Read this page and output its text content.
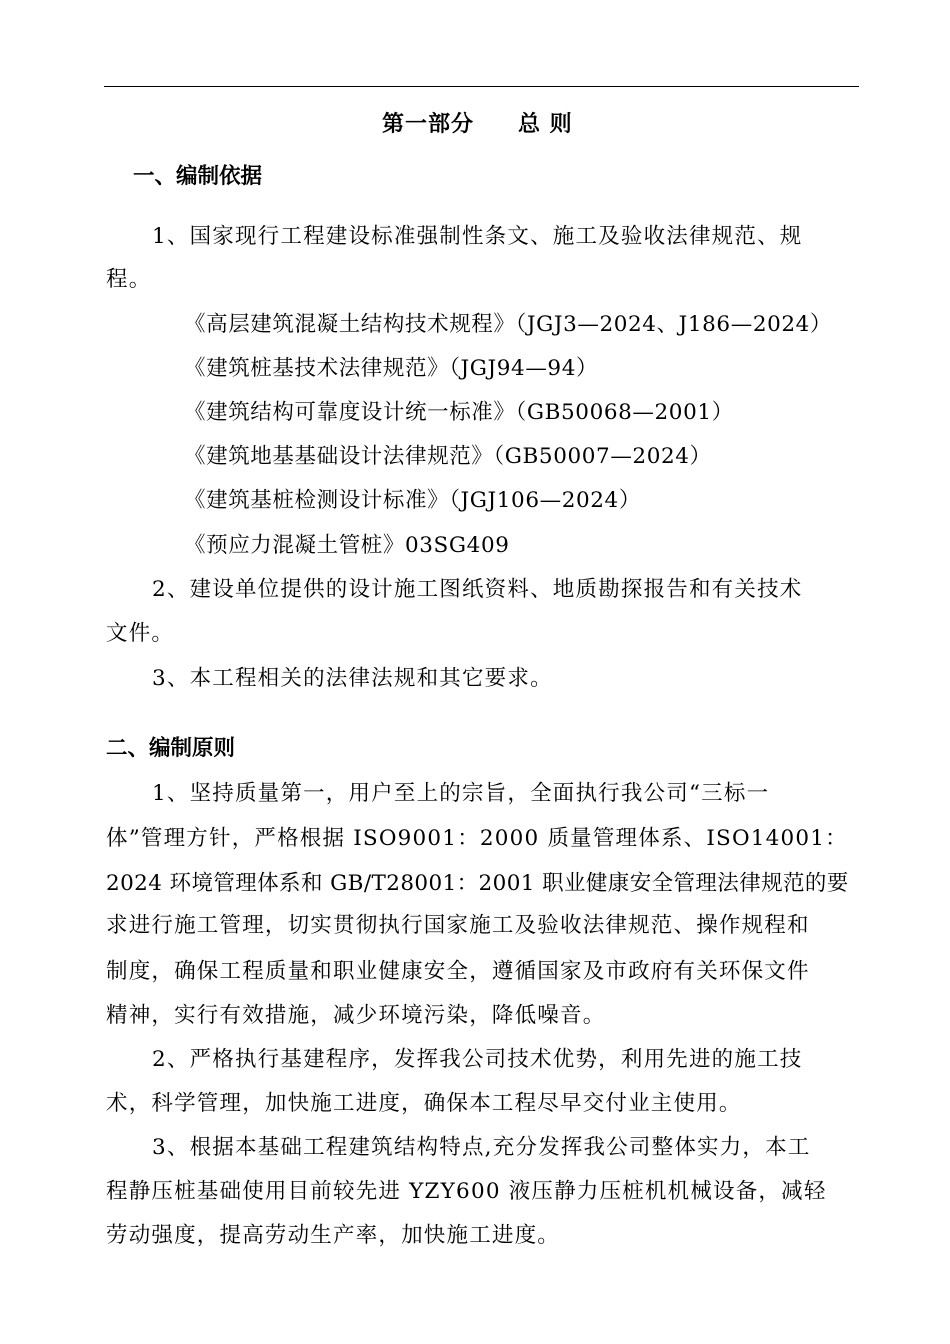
第一部分 总 则
一、编制依据
1、国家现行工程建设标准强制性条文、施工及验收法律规范、规
程。
《高层建筑混凝土结构技术规程》（JGJ3—2024、J186—2024）
《建筑桩基技术法律规范》（JGJ94—94）
《建筑结构可靠度设计统一标准》（GB50068—2001）
《建筑地基基础设计法律规范》（GB50007—2024）
《建筑基桩检测设计标准》（JGJ106—2024）
《预应力混凝土管桩》03SG409
2、建设单位提供的设计施工图纸资料、地质勘探报告和有关技术
文件。
3、本工程相关的法律法规和其它要求。
二、编制原则
1、坚持质量第一，用户至上的宗旨，全面执行我公司“三标一
体”管理方针，严格根据 ISO9001：2000 质量管理体系、ISO14001：
2024 环境管理体系和 GB/T28001：2001 职业健康安全管理法律规范的要
求进行施工管理，切实贯彻执行国家施工及验收法律规范、操作规程和
制度，确保工程质量和职业健康安全，遵循国家及市政府有关环保文件
精神，实行有效措施，减少环境污染，降低噪音。
2、严格执行基建程序，发挥我公司技术优势，利用先进的施工技
术，科学管理，加快施工进度，确保本工程尽早交付业主使用。
3、根据本基础工程建筑结构特点,充分发挥我公司整体实力，本工
程静压桩基础使用目前较先进 YZY600 液压静力压桩机机械设备，减轻
劳动强度，提高劳动生产率，加快施工进度。
